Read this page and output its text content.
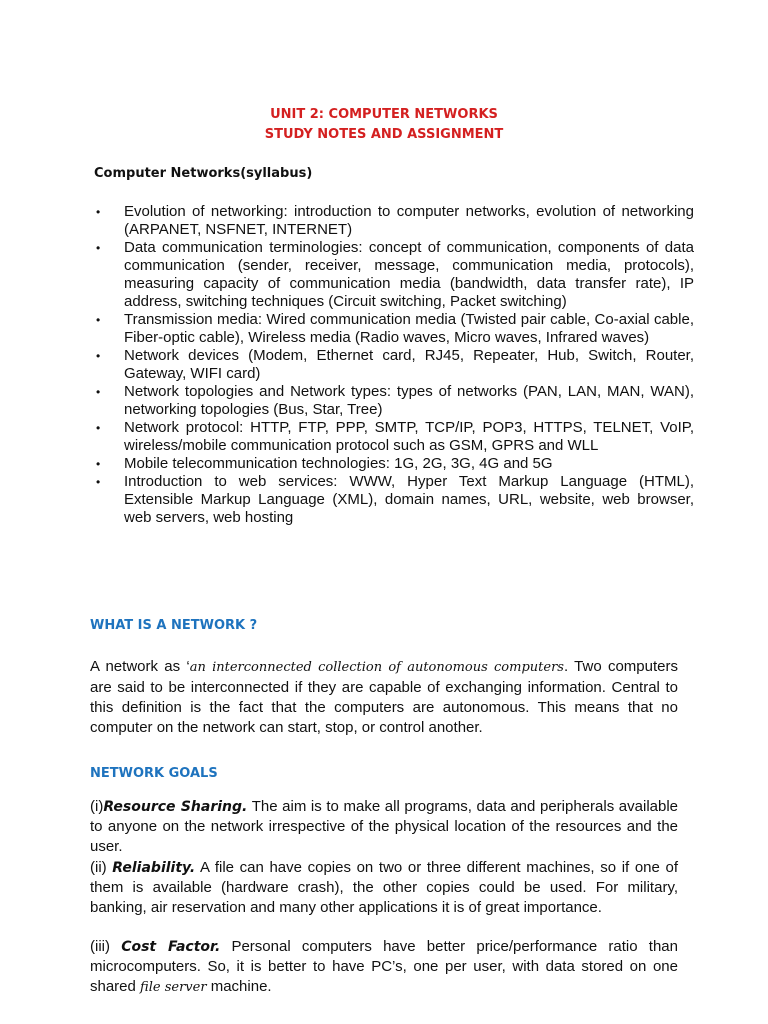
UNIT 2: COMPUTER NETWORKS
STUDY NOTES AND ASSIGNMENT
Computer Networks(syllabus)
• Evolution of networking: introduction to computer networks, evolution of networking (ARPANET, NSFNET, INTERNET)
• Data communication terminologies: concept of communication, components of data communication (sender, receiver, message, communication media, protocols), measuring capacity of communication media (bandwidth, data transfer rate), IP address, switching techniques (Circuit switching, Packet switching)
• Transmission media: Wired communication media (Twisted pair cable, Co-axial cable, Fiber-optic cable), Wireless media (Radio waves, Micro waves, Infrared waves)
• Network devices (Modem, Ethernet card, RJ45, Repeater, Hub, Switch, Router, Gateway, WIFI card)
• Network topologies and Network types: types of networks (PAN, LAN, MAN, WAN), networking topologies (Bus, Star, Tree)
• Network protocol: HTTP, FTP, PPP, SMTP, TCP/IP, POP3, HTTPS, TELNET, VoIP, wireless/mobile communication protocol such as GSM, GPRS and WLL
• Mobile telecommunication technologies: 1G, 2G, 3G, 4G and 5G
• Introduction to web services: WWW, Hyper Text Markup Language (HTML), Extensible Markup Language (XML), domain names, URL, website, web browser, web servers, web hosting
WHAT IS A NETWORK ?
A network as ‘an interconnected collection of autonomous computers. Two computers are said to be interconnected if they are capable of exchanging information. Central to this definition is the fact that the computers are autonomous. This means that no computer on the network can start, stop, or control another.
NETWORK GOALS
(i)Resource Sharing. The aim is to make all programs, data and peripherals available to anyone on the network irrespective of the physical location of the resources and the user.
(ii) Reliability. A file can have copies on two or three different machines, so if one of them is available (hardware crash), the other copies could be used. For military, banking, air reservation and many other applications it is of great importance.
(iii) Cost Factor. Personal computers have better price/performance ratio than microcomputers. So, it is better to have PC’s, one per user, with data stored on one shared file server machine.
